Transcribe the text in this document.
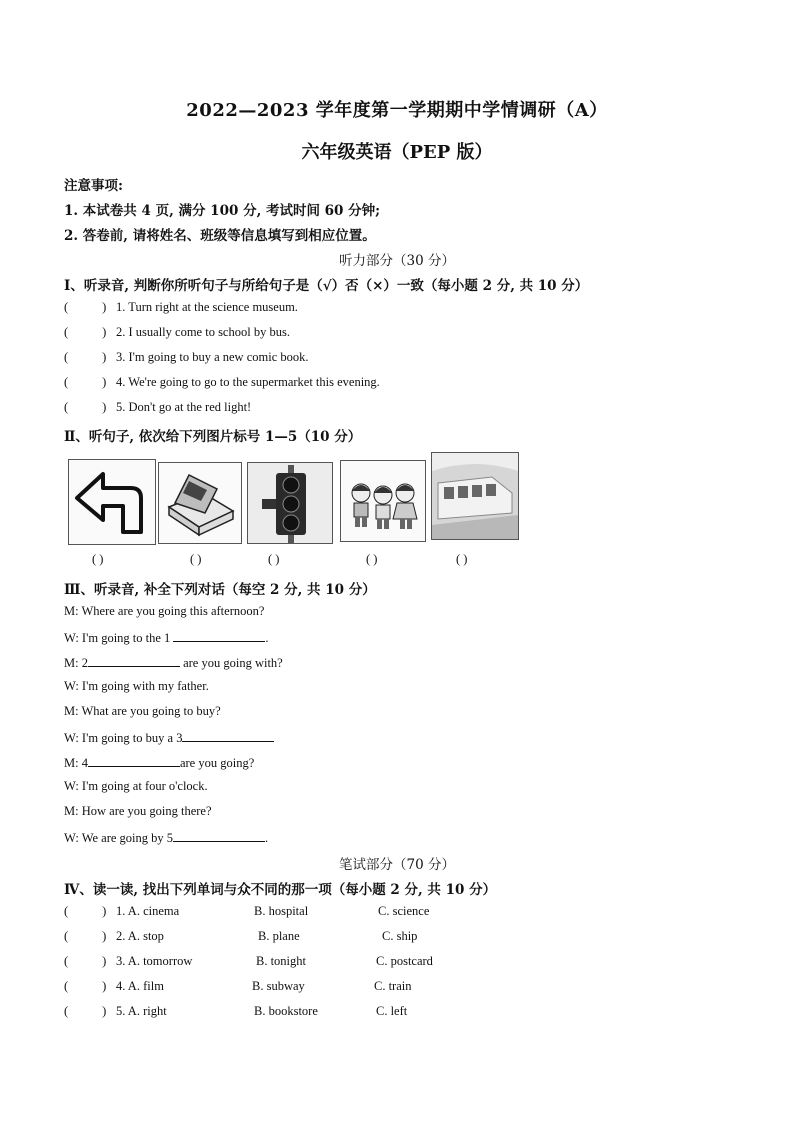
2022—2023 学年度第一学期期中学情调研（A）
六年级英语（PEP 版）
注意事项:
1. 本试卷共 4 页, 满分 100 分, 考试时间 60 分钟;
2. 答卷前, 请将姓名、班级等信息填写到相应位置。
听力部分（30 分）
Ⅰ、听录音, 判断你所听句子与所给句子是（√）否（×）一致（每小题 2 分, 共 10 分）
(	) 1. Turn right at the science museum.
(	) 2. I usually come to school by bus.
(	) 3. I'm going to buy a new comic book.
(	) 4. We're going to go to the supermarket this evening.
(	) 5. Don't go at the red light!
Ⅱ、听句子, 依次给下列图片标号 1—5（10 分）
( )	( )	( )	( )	( )
Ⅲ、听录音, 补全下列对话（每空 2 分, 共 10 分）
M: Where are you going this afternoon?
W: I'm going to the 1	.
M: 2	are you going with?
W: I'm going with my father.
M: What are you going to buy?
W: I'm going to buy a 3
M: 4	are you going?
W: I'm going at four o'clock.
M: How are you going there?
W: We are going by 5	.
笔试部分（70 分）
Ⅳ、读一读, 找出下列单词与众不同的那一项（每小题 2 分, 共 10 分）
(	) 1. A. cinema	B. hospital	C. science
(	) 2. A. stop	B. plane	C. ship
(	) 3. A. tomorrow	B. tonight	C. postcard
(	) 4. A. film	B. subway	C. train
(	) 5. A. right	B. bookstore	C. left
